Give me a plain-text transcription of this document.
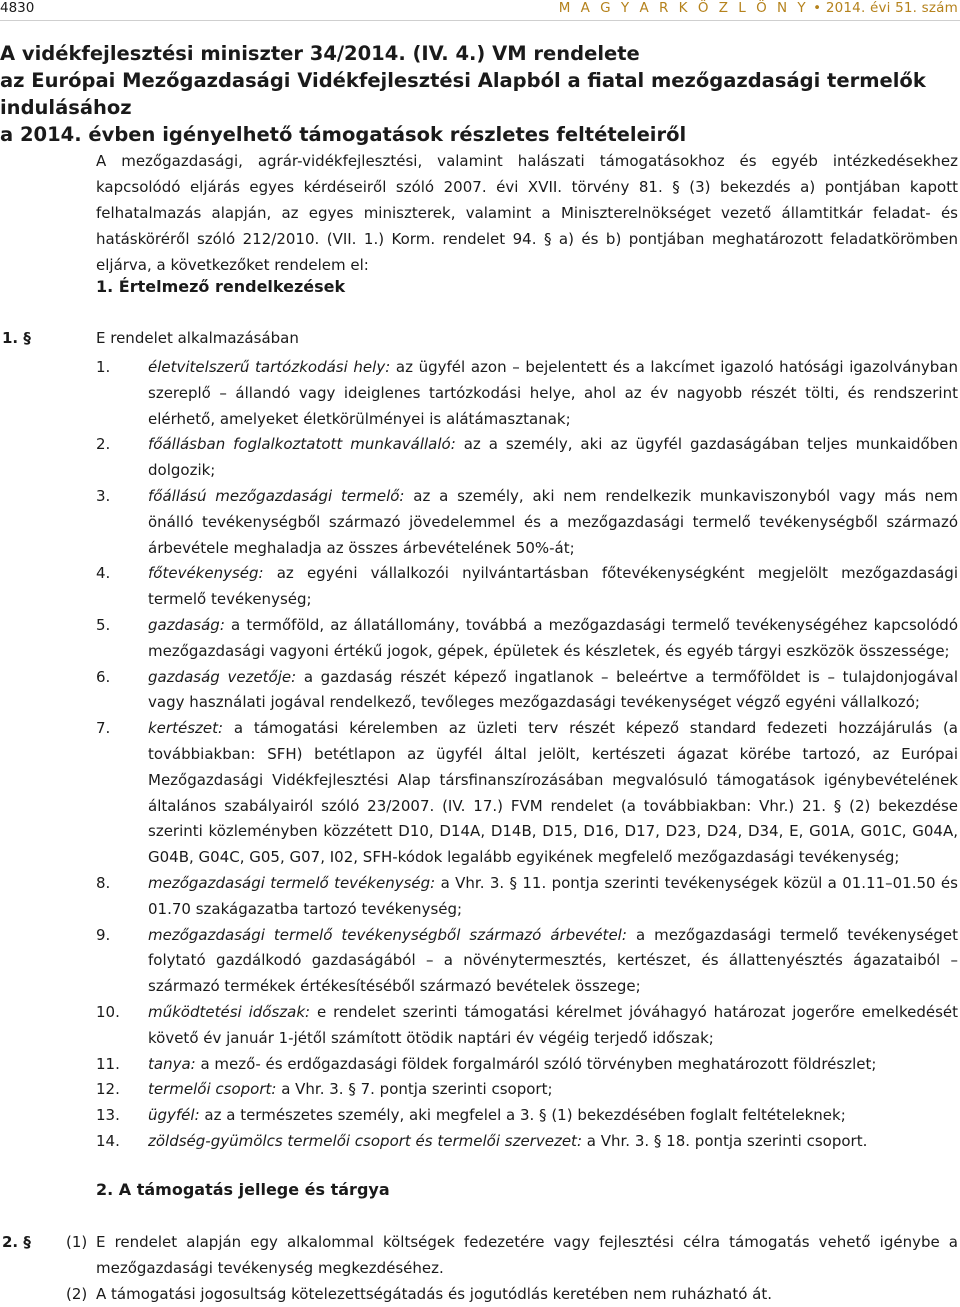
4830	M A G Y A R K Ö Z L Ö N Y • 2014. évi 51. szám
A vidékfejlesztési miniszter 34/2014. (IV. 4.) VM rendelete
az Európai Mezőgazdasági Vidékfejlesztési Alapból a fiatal mezőgazdasági termelők indulásához
a 2014. évben igényelhető támogatások részletes feltételeiről

A mezőgazdasági, agrár-vidékfejlesztési, valamint halászati támogatásokhoz és egyéb intézkedésekhez kapcsolódó eljárás egyes kérdéseiről szóló 2007. évi XVII. törvény 81. § (3) bekezdés a) pontjában kapott felhatalmazás alapján, az egyes miniszterek, valamint a Miniszterelnökséget vezető államtitkár feladat- és hatásköréről szóló 212/2010. (VII. 1.) Korm. rendelet 94. § a) és b) pontjában meghatározott feladatkörömben eljárva, a következőket rendelem el:

1. Értelmező rendelkezések
1. §	E rendelet alkalmazásában
1.	életvitelszerű tartózkodási hely: az ügyfél azon – bejelentett és a lakcímet igazoló hatósági igazolványban szereplő – állandó vagy ideiglenes tartózkodási helye, ahol az év nagyobb részét tölti, és rendszerint elérhető, amelyeket életkörülményei is alátámasztanak;
2.	főállásban foglalkoztatott munkavállaló: az a személy, aki az ügyfél gazdaságában teljes munkaidőben dolgozik;
3.	főállású mezőgazdasági termelő: az a személy, aki nem rendelkezik munkaviszonyból vagy más nem önálló tevékenységből származó jövedelemmel és a mezőgazdasági termelő tevékenységből származó árbevétele meghaladja az összes árbevételének 50%-át;
4.	főtevékenység: az egyéni vállalkozói nyilvántartásban főtevékenységként megjelölt mezőgazdasági termelő tevékenység;
5.	gazdaság: a termőföld, az állatállomány, továbbá a mezőgazdasági termelő tevékenységéhez kapcsolódó mezőgazdasági vagyoni értékű jogok, gépek, épületek és készletek, és egyéb tárgyi eszközök összessége;
6.	gazdaság vezetője: a gazdaság részét képező ingatlanok – beleértve a termőföldet is – tulajdonjogával vagy használati jogával rendelkező, tevőleges mezőgazdasági tevékenységet végző egyéni vállalkozó;
7.	kertészet: a támogatási kérelemben az üzleti terv részét képező standard fedezeti hozzájárulás (a továbbiakban: SFH) betétlapon az ügyfél által jelölt, kertészeti ágazat körébe tartozó, az Európai Mezőgazdasági Vidékfejlesztési Alap társfinanszírozásában megvalósuló támogatások igénybevételének általános szabályairól szóló 23/2007. (IV. 17.) FVM rendelet (a továbbiakban: Vhr.) 21. § (2) bekezdése szerinti közleményben közzétett D10, D14A, D14B, D15, D16, D17, D23, D24, D34, E, G01A, G01C, G04A, G04B, G04C, G05, G07, I02, SFH-kódok legalább egyikének megfelelő mezőgazdasági tevékenység;
8.	mezőgazdasági termelő tevékenység: a Vhr. 3. § 11. pontja szerinti tevékenységek közül a 01.11–01.50 és 01.70 szakágazatba tartozó tevékenység;
9.	mezőgazdasági termelő tevékenységből származó árbevétel: a mezőgazdasági termelő tevékenységet folytató gazdálkodó gazdaságából – a növénytermesztés, kertészet, és állattenyésztés ágazataiból – származó termékek értékesítéséből származó bevételek összege;
10.	működtetési időszak: e rendelet szerinti támogatási kérelmet jóváhagyó határozat jogerőre emelkedését követő év január 1-jétől számított ötödik naptári év végéig terjedő időszak;
11.	tanya: a mező- és erdőgazdasági földek forgalmáról szóló törvényben meghatározott földrészlet;
12.	termelői csoport: a Vhr. 3. § 7. pontja szerinti csoport;
13.	ügyfél: az a természetes személy, aki megfelel a 3. § (1) bekezdésében foglalt feltételeknek;
14.	zöldség-gyümölcs termelői csoport és termelői szervezet: a Vhr. 3. § 18. pontja szerinti csoport.
2. A támogatás jellege és tárgya
2. § (1) E rendelet alapján egy alkalommal költségek fedezetére vagy fejlesztési célra támogatás vehető igénybe a mezőgazdasági tevékenység megkezdéséhez.
(2) A támogatási jogosultság kötelezettségátadás és jogutódlás keretében nem ruházható át.
